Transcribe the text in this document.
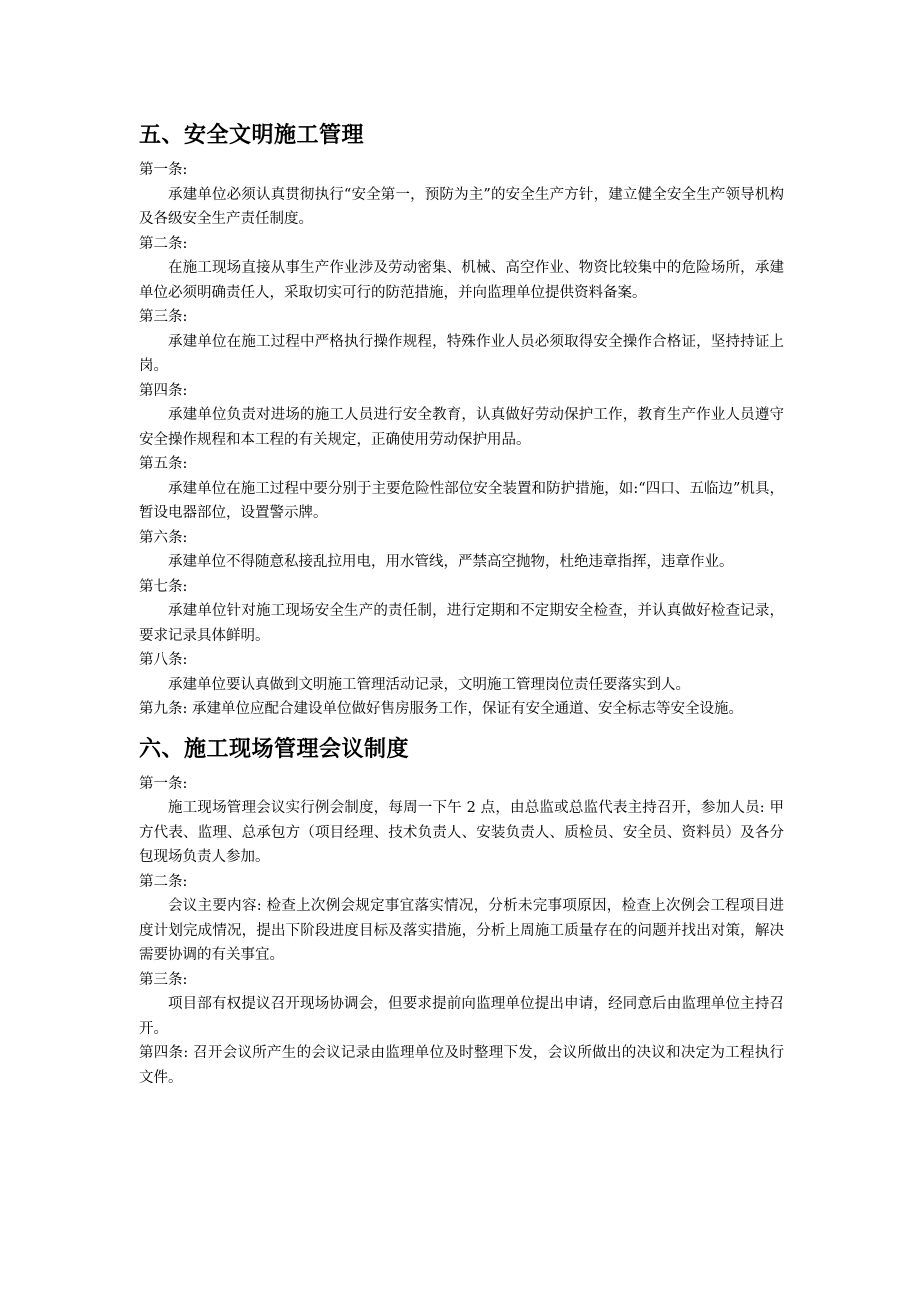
五、安全文明施工管理

第一条:

承建单位必须认真贯彻执行“安全第一，预防为主”的安全生产方针，建立健全安全生产领导机构及各级安全生产责任制度。

第二条:

在施工现场直接从事生产作业涉及劳动密集、机械、高空作业、物资比较集中的危险场所，承建单位必须明确责任人，采取切实可行的防范措施，并向监理单位提供资料备案。

第三条:

承建单位在施工过程中严格执行操作规程，特殊作业人员必须取得安全操作合格证，坚持持证上岗。

第四条:

承建单位负责对进场的施工人员进行安全教育，认真做好劳动保护工作，教育生产作业人员遵守安全操作规程和本工程的有关规定，正确使用劳动保护用品。

第五条:

承建单位在施工过程中要分别于主要危险性部位安全装置和防护措施，如:“四口、五临边”机具，暂设电器部位，设置警示牌。

第六条:

承建单位不得随意私接乱拉用电，用水管线，严禁高空抛物，杜绝违章指挥，违章作业。

第七条:

承建单位针对施工现场安全生产的责任制，进行定期和不定期安全检查，并认真做好检查记录，要求记录具体鲜明。

第八条:

承建单位要认真做到文明施工管理活动记录，文明施工管理岗位责任要落实到人。

第九条: 承建单位应配合建设单位做好售房服务工作，保证有安全通道、安全标志等安全设施。

六、施工现场管理会议制度

第一条:

施工现场管理会议实行例会制度，每周一下午 2 点，由总监或总监代表主持召开，参加人员: 甲方代表、监理、总承包方（项目经理、技术负责人、安装负责人、质检员、安全员、资料员）及各分包现场负责人参加。

第二条:

会议主要内容: 检查上次例会规定事宜落实情况，分析未完事项原因，检查上次例会工程项目进度计划完成情况，提出下阶段进度目标及落实措施，分析上周施工质量存在的问题并找出对策，解决需要协调的有关事宜。

第三条:

项目部有权提议召开现场协调会，但要求提前向监理单位提出申请，经同意后由监理单位主持召开。

第四条: 召开会议所产生的会议记录由监理单位及时整理下发，会议所做出的决议和决定为工程执行文件。
